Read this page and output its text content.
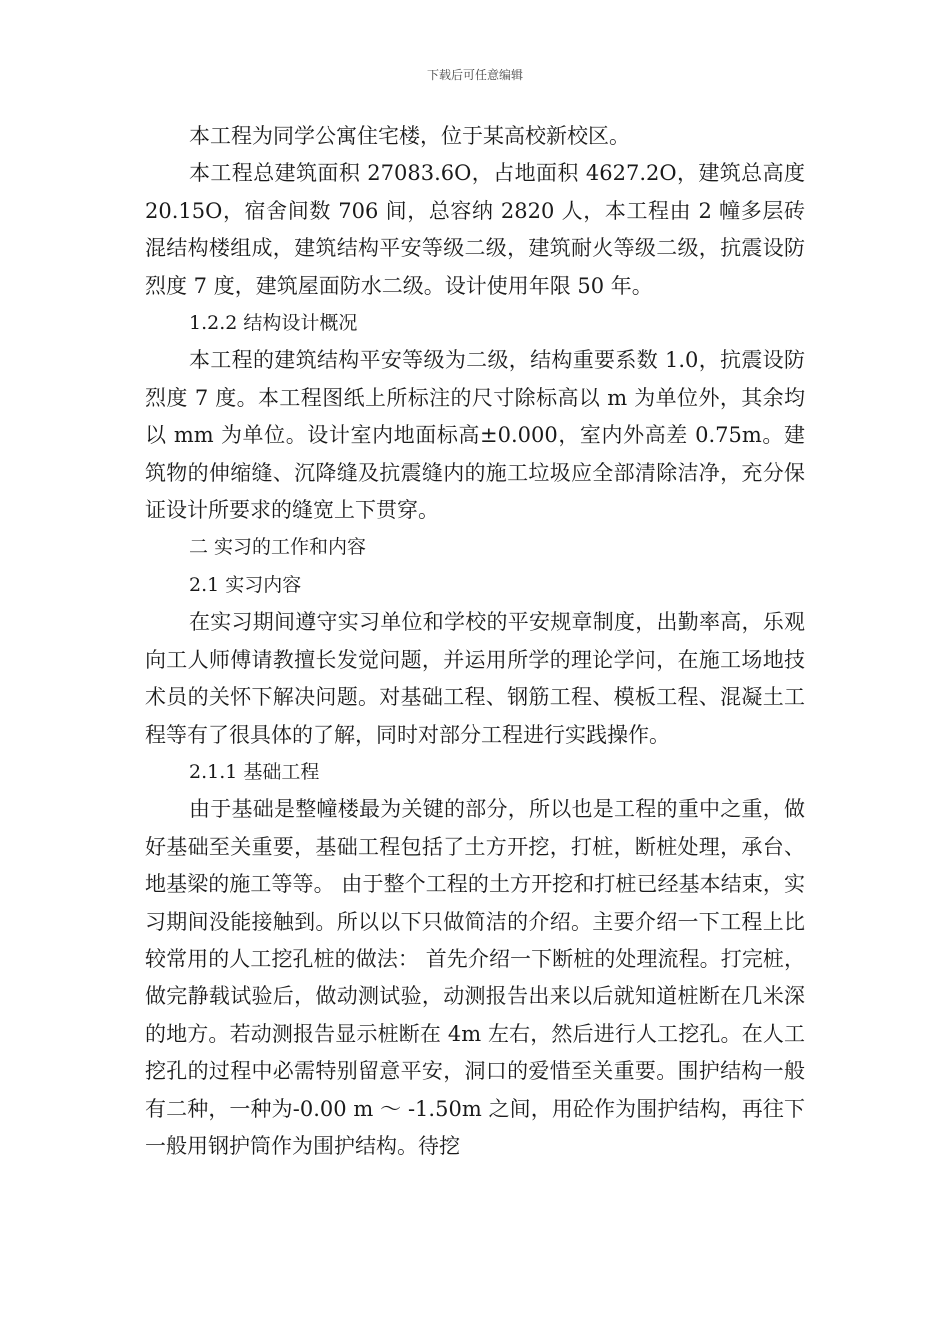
下载后可任意编辑

本工程为同学公寓住宅楼，位于某高校新校区。

本工程总建筑面积 27083.6O，占地面积 4627.2O，建筑总高度 20.15O，宿舍间数 706 间，总容纳 2820 人，本工程由 2 幢多层砖混结构楼组成，建筑结构平安等级二级，建筑耐火等级二级，抗震设防烈度 7 度，建筑屋面防水二级。设计使用年限 50 年。

1.2.2 结构设计概况

本工程的建筑结构平安等级为二级，结构重要系数 1.0，抗震设防烈度 7 度。本工程图纸上所标注的尺寸除标高以 m 为单位外，其余均以 mm 为单位。设计室内地面标高±0.000，室内外高差 0.75m。建筑物的伸缩缝、沉降缝及抗震缝内的施工垃圾应全部清除洁净，充分保证设计所要求的缝宽上下贯穿。

二 实习的工作和内容

2.1 实习内容

在实习期间遵守实习单位和学校的平安规章制度，出勤率高，乐观向工人师傅请教擅长发觉问题，并运用所学的理论学问，在施工场地技术员的关怀下解决问题。对基础工程、钢筋工程、模板工程、混凝土工程等有了很具体的了解，同时对部分工程进行实践操作。

2.1.1 基础工程

由于基础是整幢楼最为关键的部分，所以也是工程的重中之重，做好基础至关重要，基础工程包括了土方开挖，打桩，断桩处理，承台、地基梁的施工等等。 由于整个工程的土方开挖和打桩已经基本结束，实习期间没能接触到。所以以下只做简洁的介绍。主要介绍一下工程上比较常用的人工挖孔桩的做法： 首先介绍一下断桩的处理流程。打完桩，做完静载试验后，做动测试验，动测报告出来以后就知道桩断在几米深的地方。若动测报告显示桩断在 4m 左右，然后进行人工挖孔。在人工挖孔的过程中必需特别留意平安，洞口的爱惜至关重要。围护结构一般有二种，一种为-0.00 m ～ -1.50m 之间，用砼作为围护结构，再往下一般用钢护筒作为围护结构。待挖
